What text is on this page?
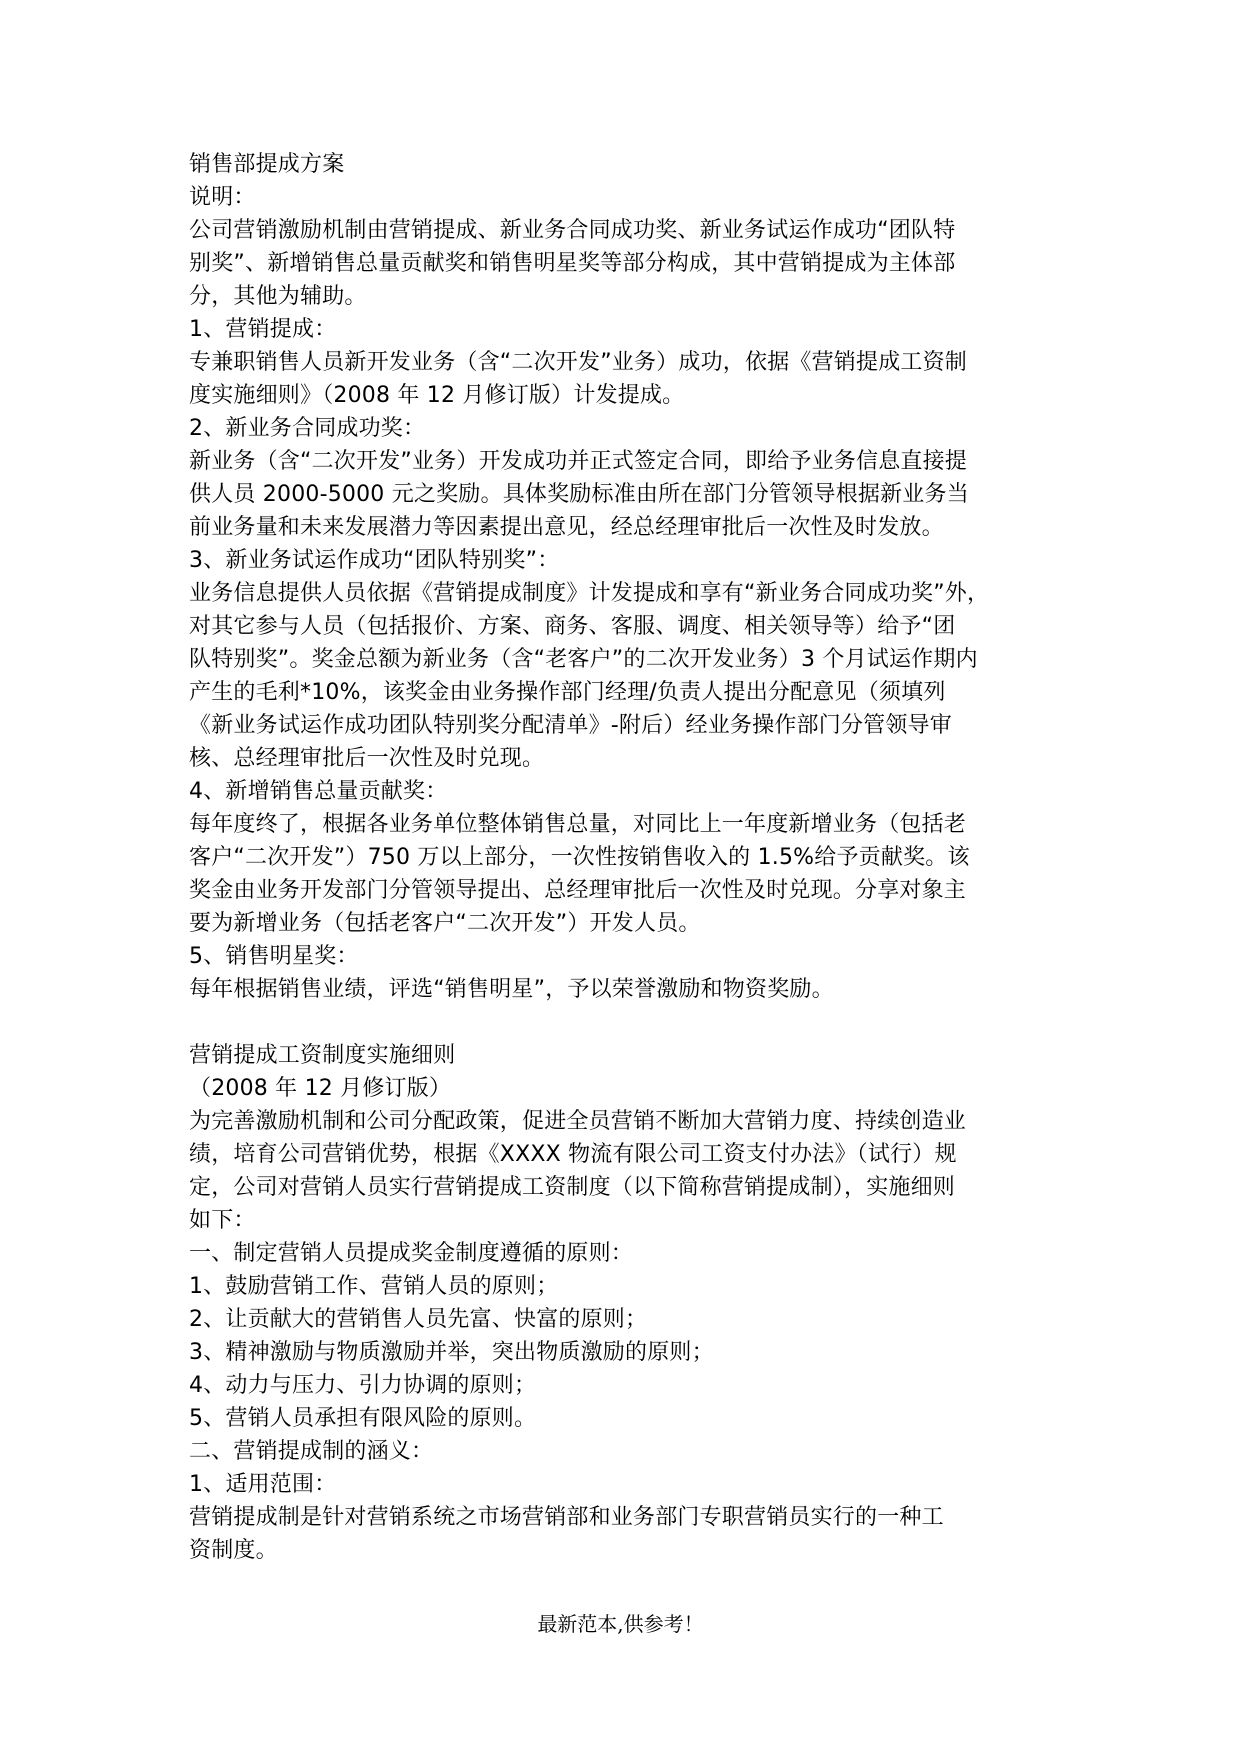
销售部提成方案
说明：
公司营销激励机制由营销提成、新业务合同成功奖、新业务试运作成功“团队特
别奖”、新增销售总量贡献奖和销售明星奖等部分构成，其中营销提成为主体部
分，其他为辅助。
1、营销提成：
专兼职销售人员新开发业务（含“二次开发”业务）成功，依据《营销提成工资制
度实施细则》（2008 年 12 月修订版）计发提成。
2、新业务合同成功奖：
新业务（含“二次开发”业务）开发成功并正式签定合同，即给予业务信息直接提
供人员 2000-5000 元之奖励。具体奖励标准由所在部门分管领导根据新业务当
前业务量和未来发展潜力等因素提出意见，经总经理审批后一次性及时发放。
3、新业务试运作成功“团队特别奖”：
业务信息提供人员依据《营销提成制度》计发提成和享有“新业务合同成功奖”外，
对其它参与人员（包括报价、方案、商务、客服、调度、相关领导等）给予“团
队特别奖”。奖金总额为新业务（含“老客户”的二次开发业务）3 个月试运作期内
产生的毛利*10%，该奖金由业务操作部门经理/负责人提出分配意见（须填列
《新业务试运作成功团队特别奖分配清单》-附后）经业务操作部门分管领导审
核、总经理审批后一次性及时兑现。
4、新增销售总量贡献奖：
每年度终了，根据各业务单位整体销售总量，对同比上一年度新增业务（包括老
客户“二次开发”）750 万以上部分，一次性按销售收入的 1.5%给予贡献奖。该
奖金由业务开发部门分管领导提出、总经理审批后一次性及时兑现。分享对象主
要为新增业务（包括老客户“二次开发”）开发人员。
5、销售明星奖：
每年根据销售业绩，评选“销售明星”，予以荣誉激励和物资奖励。
营销提成工资制度实施细则
（2008 年 12 月修订版）
为完善激励机制和公司分配政策，促进全员营销不断加大营销力度、持续创造业
绩，培育公司营销优势，根据《XXXX 物流有限公司工资支付办法》（试行）规
定，公司对营销人员实行营销提成工资制度（以下简称营销提成制），实施细则
如下：
一、制定营销人员提成奖金制度遵循的原则：
1、鼓励营销工作、营销人员的原则；
2、让贡献大的营销售人员先富、快富的原则；
3、精神激励与物质激励并举，突出物质激励的原则；
4、动力与压力、引力协调的原则；
5、营销人员承担有限风险的原则。
二、营销提成制的涵义：
1、适用范围：
营销提成制是针对营销系统之市场营销部和业务部门专职营销员实行的一种工
资制度。
最新范本,供参考！
